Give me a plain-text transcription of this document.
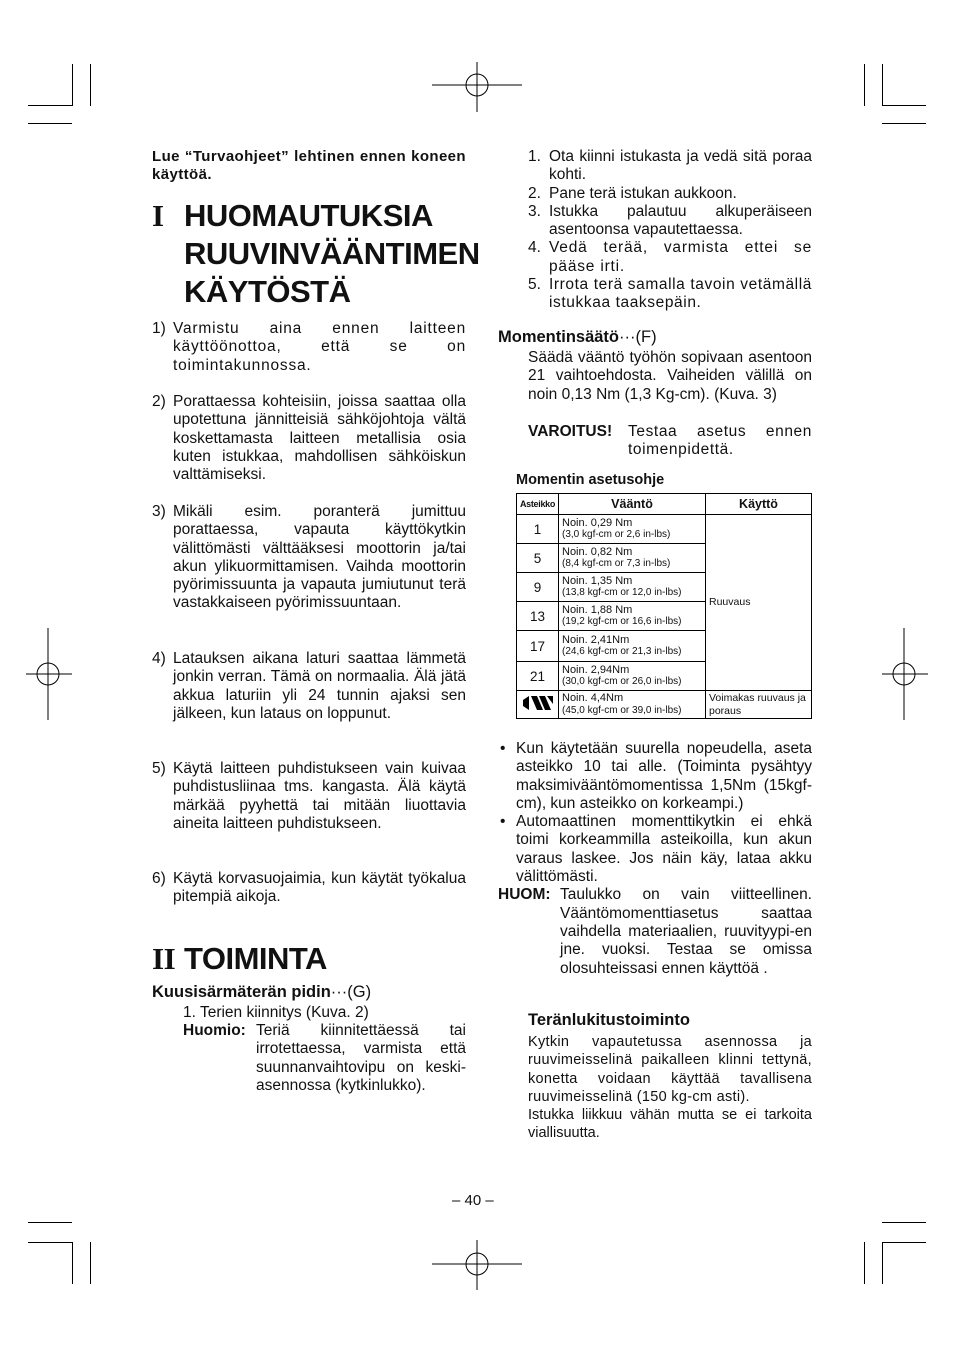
Lue “Turvaohjeet” lehtinen ennen koneen käyttöä.
I HUOMAUTUKSIA
RUUVINVÄÄNTIMEN
KÄYTÖSTÄ
1) Varmistu aina ennen laitteen käyttöönottoa, että se on toimintakunnossa.
2) Porattaessa kohteisiin, joissa saattaa olla upotettuna jännitteisiä sähköjohtoja vältä koskettamasta laitteen metallisia osia kuten istukkaa, mahdollisen sähköiskun valttämiseksi.
3) Mikäli esim. poranterä jumittuu porattaessa, vapauta käyttökytkin välittömästi välttääksesi moottorin ja/tai akun ylikuormittamisen. Vaihda moottorin pyörimissuunta ja vapauta jumiutunut terä vastakkaiseen pyörimissuuntaan.
4) Latauksen aikana laturi saattaa lämmetä jonkin verran. Tämä on normaalia. Älä jätä akkua laturiin yli 24 tunnin ajaksi sen jälkeen, kun lataus on loppunut.
5) Käytä laitteen puhdistukseen vain kuivaa puhdistusliinaa tms. kangasta. Älä käytä märkää pyyhettä tai mitään liuottavia aineita laitteen puhdistukseen.
6) Käytä korvasuojaimia, kun käytät työkalua pitempiä aikoja.
II TOIMINTA
Kuusisärmäterän pidin···(G)
1. Terien kiinnitys (Kuva. 2)
Huomio: Teriä kiinnitettäessä tai irrotettaessa, varmista että suunnanvaihtovipu on keski-asennossa (kytkinlukko).
1. Ota kiinni istukasta ja vedä sitä poraa kohti.
2. Pane terä istukan aukkoon.
3. Istukka palautuu alkuperäiseen asentoonsa vapautettaessa.
4. Vedä terää, varmista ettei se pääse irti.
5. Irrota terä samalla tavoin vetämällä istukkaa taaksepäin.
Momentinsäätö···(F)
Säädä vääntö työhön sopivaan asentoon 21 vaihtoehdosta. Vaiheiden välillä on noin 0,13 Nm (1,3 Kg-cm). (Kuva. 3)
VAROITUS! Testaa asetus ennen toimenpidettä.
Momentin asetusohje
Asteikko	Vääntö	Käyttö
1	Noin. 0,29 Nm
(3,0 kgf-cm or 2,6 in-lbs)	Ruuvaus
5	Noin. 0,82 Nm
(8,4 kgf-cm or 7,3 in-lbs)	

9	Noin. 1,35 Nm
(13,8 kgf-cm or 12,0 in-lbs)	

13	Noin. 1,88 Nm
(19,2 kgf-cm or 16,6 in-lbs)	

17	Noin. 2,41Nm
(24,6 kgf-cm or 21,3 in-lbs)	

21	Noin. 2,94Nm
(30,0 kgf-cm or 26,0 in-lbs)	

Noin. 4,4Nm
(45,0 kgf-cm or 39,0 in-lbs)	Voimakas ruuvaus ja poraus
• Kun käytetään suurella nopeudella, aseta asteikko 10 tai alle. (Toiminta pysähtyy maksimivääntömomentissa 1,5Nm (15kgf-cm), kun asteikko on korkeampi.)
• Automaattinen momenttikytkin ei ehkä toimi korkeammilla asteikoilla, kun akun varaus laskee. Jos näin käy, lataa akku välittömästi.
HUOM: Taulukko on vain viitteellinen. Vääntömomenttiasetus saattaa vaihdella materiaalien, ruuvityypi-en jne. vuoksi. Testaa se omissa olosuhteissasi ennen käyttöä .
Teränlukitustoiminto
Kytkin vapautetussa asennossa ja ruuvimeisselinä paikalleen klinni tettynä, konetta voidaan käyttää tavallisena ruuvimeisselinä (150 kg-cm asti).
Istukka liikkuu vähän mutta se ei tarkoita viallisuutta.
– 40 –
